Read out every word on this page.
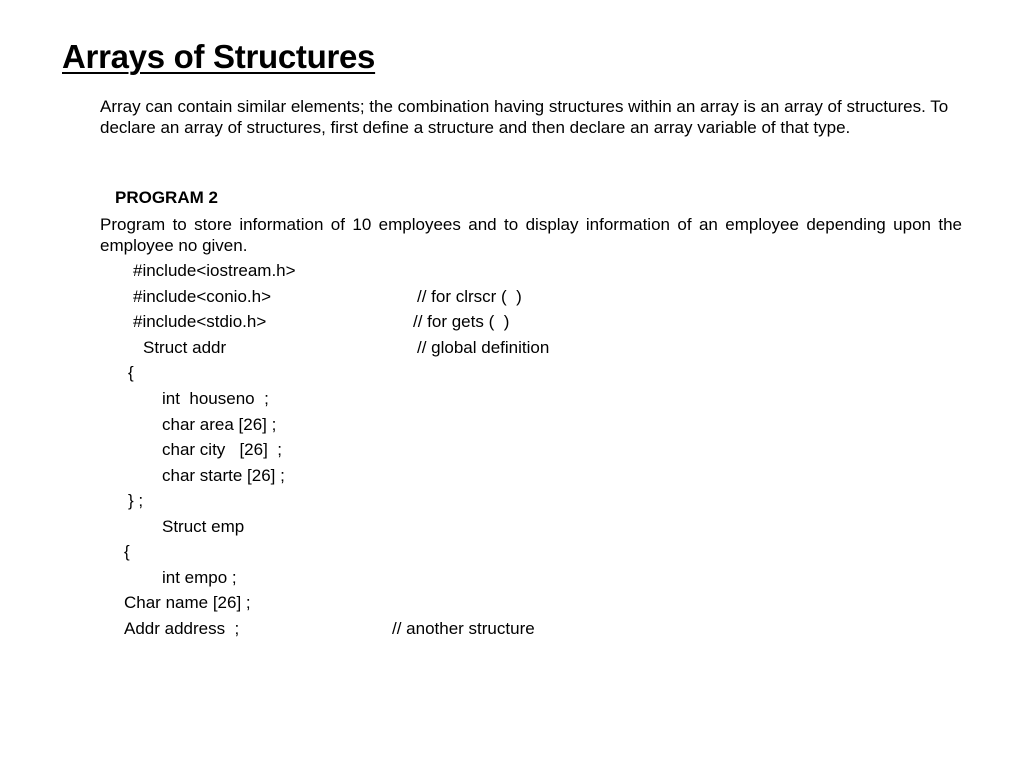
Arrays of Structures

Array can contain similar elements; the combination having structures within an array is an array of structures. To declare an array of structures, first define a structure and then declare an array variable of that type.

PROGRAM 2

Program to store information of 10 employees and to display information of an employee depending upon the employee no given.

#include<iostream.h>
#include<conio.h>	// for clrscr (  )
#include<stdio.h>	// for gets (  )
Struct addr	// global definition
{
int  houseno  ;
char area [26] ;
char city   [26]  ;
char starte [26] ;
} ;
Struct emp
{
int empo ;
Char name [26] ;
Addr address  ;	// another structure
